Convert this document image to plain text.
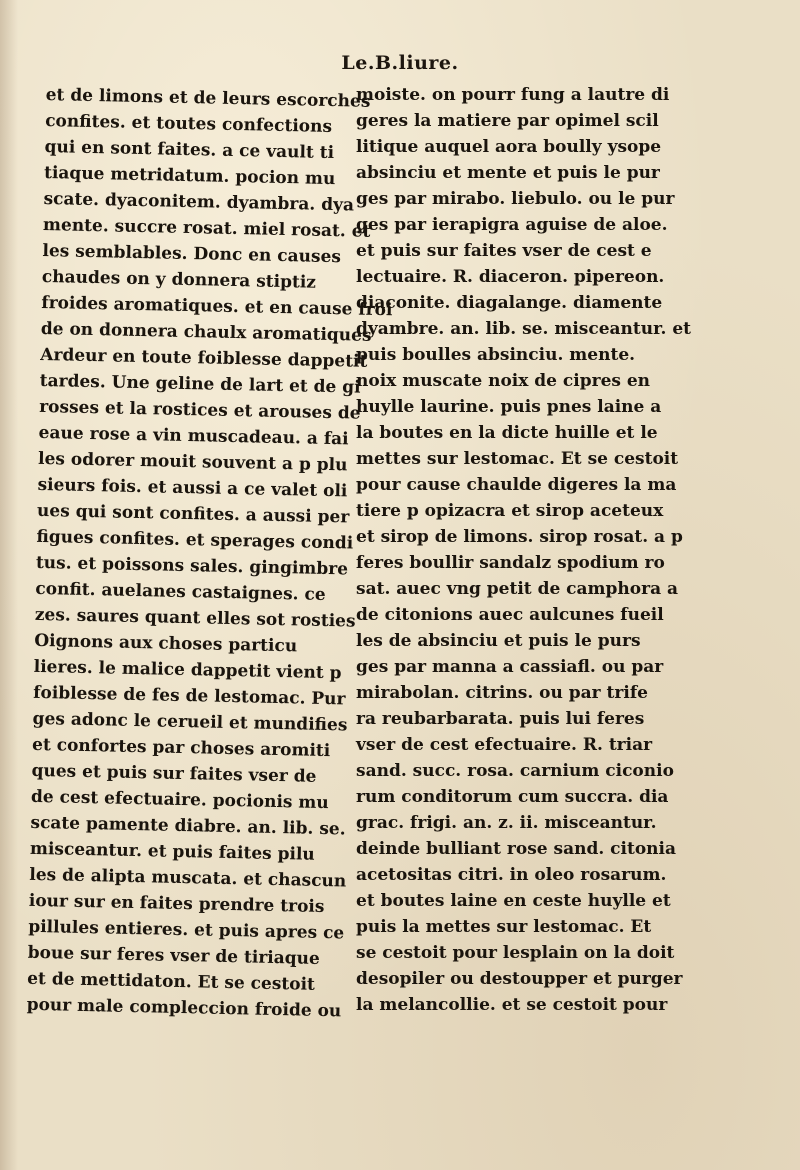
Le.B.liure.
et de limons et de leurs escorches
confites. et toutes confections
qui en sont faites. a ce vault ti
tiaque metridatum. pocion mu
scate. dyaconitem. dyambra. dya
mente. succre rosat. miel rosat. et
les semblables. Donc en causes
chaudes on y donnera stiptiz
froides aromatiques. et en cause froi
de on donnera chaulx aromatiques
Ardeur en toute foiblesse dappetit
tardes. Une geline de lart et de gi
rosses et la rostices et arouses de
eaue rose a vin muscadeau. a fai
les odorer mouit souvent a p plu
sieurs fois. et aussi a ce valet oli
ues qui sont confites. a aussi per
figues confites. et sperages condi
tus. et poissons sales. gingimbre
confit. auelanes castaignes. ce
zes. saures quant elles sot rosties
Oignons aux choses particu
lieres. le malice dappetit vient p
foiblesse de fes de lestomac. Pur
ges adonc le cerueil et mundifies
et confortes par choses aromiti
ques et puis sur faites vser de
de cest efectuaire. pocionis mu
scate pamente diabre. an. lib. se.
misceantur. et puis faites pilu
les de alipta muscata. et chascun
iour sur en faites prendre trois
pillules entieres. et puis apres ce
boue sur feres vser de tiriaque
et de mettidaton. Et se cestoit
pour male compleccion froide ou
moiste. on pourr fung a lautre di
geres la matiere par opimel scil
litique auquel aora boully ysope
absinciu et mente et puis le pur
ges par mirabo. liebulo. ou le pur
ges par ierapigra aguise de aloe.
et puis sur faites vser de cest e
lectuaire. R. diaceron. pipereon.
diaconite. diagalange. diamente
dyambre. an. lib. se. misceantur. et
puis boulles absinciu. mente.
noix muscate noix de cipres en
huylle laurine. puis pnes laine a
la boutes en la dicte huille et le
mettes sur lestomac. Et se cestoit
pour cause chaulde digeres la ma
tiere p opizacra et sirop aceteux
et sirop de limons. sirop rosat. a p
feres boullir sandalz spodium ro
sat. auec vng petit de camphora a
de citonions auec aulcunes fueil
les de absinciu et puis le purs
ges par manna a cassiafl. ou par
mirabolan. citrins. ou par trife
ra reubarbarata. puis lui feres
vser de cest efectuaire. R. triar
sand. succ. rosa. carnium ciconio
rum conditorum cum succra. dia
grac. frigi. an. z. ii. misceantur.
deinde bulliant rose sand. citonia
acetositas citri. in oleo rosarum.
et boutes laine en ceste huylle et
puis la mettes sur lestomac. Et
se cestoit pour lesplain on la doit
desopiler ou destoupper et purger
la melancollie. et se cestoit pour
